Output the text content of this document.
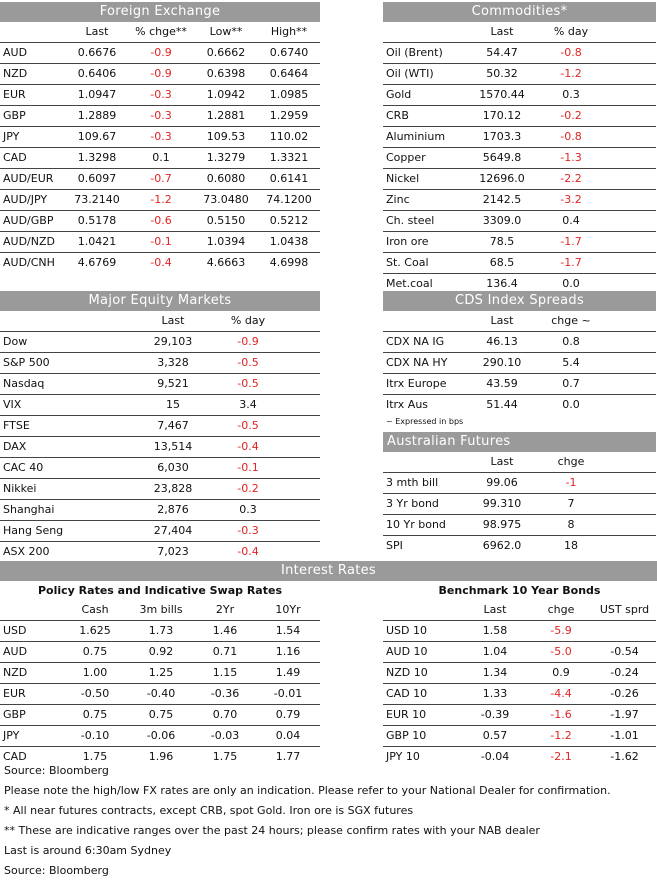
Foreign Exchange
	Last	% chge**	Low**	High**
AUD	0.6676	-0.9	0.6662	0.6740
NZD	0.6406	-0.9	0.6398	0.6464
EUR	1.0947	-0.3	1.0942	1.0985
GBP	1.2889	-0.3	1.2881	1.2959
JPY	109.67	-0.3	109.53	110.02
CAD	1.3298	0.1	1.3279	1.3321
AUD/EUR	0.6097	-0.7	0.6080	0.6141
AUD/JPY	73.2140	-1.2	73.0480	74.1200
AUD/GBP	0.5178	-0.6	0.5150	0.5212
AUD/NZD	1.0421	-0.1	1.0394	1.0438
AUD/CNH	4.6769	-0.4	4.6663	4.6998
Commodities*
	Last	% day	
Oil (Brent)	54.47	-0.8	
Oil (WTI)	50.32	-1.2	
Gold	1570.44	0.3	
CRB	170.12	-0.2	
Aluminium	1703.3	-0.8	
Copper	5649.8	-1.3	
Nickel	12696.0	-2.2	
Zinc	2142.5	-3.2	
Ch. steel	3309.0	0.4	
Iron ore	78.5	-1.7	
St. Coal	68.5	-1.7	
Met.coal	136.4	0.0	
Major Equity Markets
	Last	% day	
Dow	29,103	-0.9	
S&P 500	3,328	-0.5	
Nasdaq	9,521	-0.5	
VIX	15	3.4	
FTSE	7,467	-0.5	
DAX	13,514	-0.4	
CAC 40	6,030	-0.1	
Nikkei	23,828	-0.2	
Shanghai	2,876	0.3	
Hang Seng	27,404	-0.3	
ASX 200	7,023	-0.4	
CDS Index Spreads
	Last	chge ~	
CDX NA IG	46.13	0.8	
CDX NA HY	290.10	5.4	
Itrx Europe	43.59	0.7	
Itrx Aus	51.44	0.0	
~ Expressed in bps
Australian Futures
	Last	chge	
3 mth bill	99.06	-1	
3 Yr bond	99.310	7	
10 Yr bond	98.975	8	
SPI	6962.0	18	
Interest Rates
Policy Rates and Indicative Swap Rates
	Cash	3m bills	2Yr	10Yr
USD	1.625	1.73	1.46	1.54
AUD	0.75	0.92	0.71	1.16
NZD	1.00	1.25	1.15	1.49
EUR	-0.50	-0.40	-0.36	-0.01
GBP	0.75	0.75	0.70	0.79
JPY	-0.10	-0.06	-0.03	0.04
CAD	1.75	1.96	1.75	1.77
Benchmark 10 Year Bonds
	Last	chge	UST sprd
USD 10	1.58	-5.9	
AUD 10	1.04	-5.0	-0.54
NZD 10	1.34	0.9	-0.24
CAD 10	1.33	-4.4	-0.26
EUR 10	-0.39	-1.6	-1.97
GBP 10	0.57	-1.2	-1.01
JPY 10	-0.04	-2.1	-1.62
Source: Bloomberg
Please note the high/low FX rates are only an indication. Please refer to your National Dealer for confirmation.
* All near futures contracts, except CRB, spot Gold. Iron ore is SGX futures
** These are indicative ranges over the past 24 hours; please confirm rates with your NAB dealer
Last is around 6:30am Sydney
Source: Bloomberg
